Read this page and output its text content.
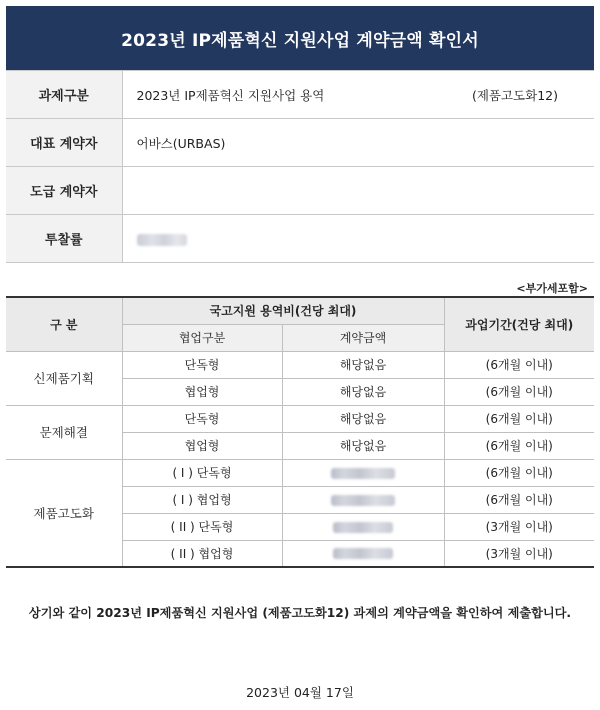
2023년 IP제품혁신 지원사업 계약금액 확인서
과제구분	2023년 IP제품혁신 지원사업 용역 (제품고도화12)

대표 계약자	어바스(URBAS)
도급 계약자	
투찰률	
<부가세포함>
구 분	국고지원 용역비(건당 최대)		과업기간(건당 최대)
	협업구분	계약금액	
신제품기획	단독형	해당없음	(6개월 이내)
	협업형	해당없음	(6개월 이내)
문제해결	단독형	해당없음	(6개월 이내)
	협업형	해당없음	(6개월 이내)
제품고도화	( I ) 단독형		(6개월 이내)
	( I ) 협업형		(6개월 이내)
	( II ) 단독형		(3개월 이내)
	( II ) 협업형		(3개월 이내)
상기와 같이 2023년 IP제품혁신 지원사업 (제품고도화12) 과제의 계약금액을 확인하여 제출합니다.
2023년 04월 17일
